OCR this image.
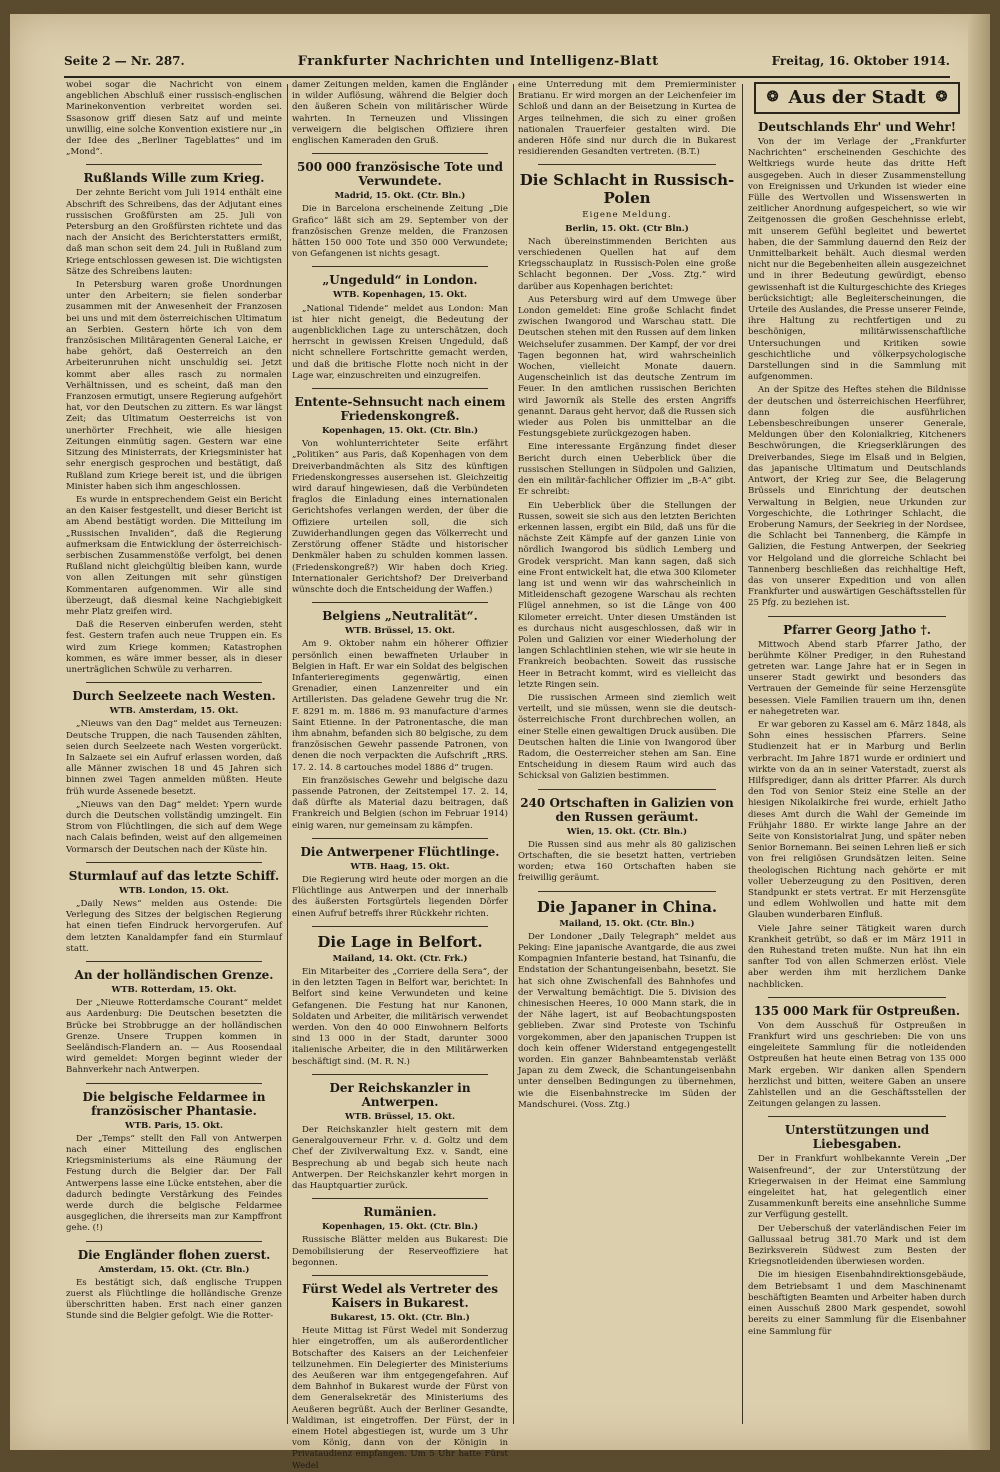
Seite 2 — Nr. 287.	Frankfurter Nachrichten und Intelligenz-Blatt	Freitag, 16. Oktober 1914.

wobei sogar die Nachricht von einem angeblichen Abschluß einer russisch-englischen Marinekonvention verbreitet worden sei. Ssasonow griff diesen Satz auf und meinte unwillig, eine solche Konvention existiere nur „in der Idee des „Berliner Tageblattes“ und im „Mond“.

Rußlands Wille zum Krieg.

Der zehnte Bericht vom Juli 1914 enthält eine Abschrift des Schreibens, das der Adjutant eines russischen Großfürsten am 25. Juli von Petersburg an den Großfürsten richtete und das nach der Ansicht des Berichterstatters ermißt, daß man schon seit dem 24. Juli in Rußland zum Kriege entschlossen gewesen ist. Die wichtigsten Sätze des Schreibens lauten:

In Petersburg waren große Unordnungen unter den Arbeitern; sie fielen sonderbar zusammen mit der Anwesenheit der Franzosen bei uns und mit dem österreichischen Ultimatum an Serbien. Gestern hörte ich von dem französischen Militäragenten General Laiche, er habe gehört, daß Oesterreich an den Arbeiterunruhen nicht unschuldig sei. Jetzt kommt aber alles rasch zu normalen Verhältnissen, und es scheint, daß man den Franzosen ermutigt, unsere Regierung aufgehört hat, vor den Deutschen zu zittern. Es war längst Zeit; das Ultimatum Oesterreichs ist von unerhörter Frechheit, wie alle hiesigen Zeitungen einmütig sagen. Gestern war eine Sitzung des Ministerrats, der Kriegsminister hat sehr energisch gesprochen und bestätigt, daß Rußland zum Kriege bereit ist, und die übrigen Minister haben sich ihm angeschlossen.

Es wurde in entsprechendem Geist ein Bericht an den Kaiser festgestellt, und dieser Bericht ist am Abend bestätigt worden. Die Mitteilung im „Russischen Invaliden“, daß die Regierung aufmerksam die Entwicklung der österreichisch-serbischen Zusammenstöße verfolgt, bei denen Rußland nicht gleichgültig bleiben kann, wurde von allen Zeitungen mit sehr günstigen Kommentaren aufgenommen. Wir alle sind überzeugt, daß diesmal keine Nachgiebigkeit mehr Platz greifen wird.

Daß die Reserven einberufen werden, steht fest. Gestern trafen auch neue Truppen ein. Es wird zum Kriege kommen; Katastrophen kommen, es wäre immer besser, als in dieser unerträglichen Schwüle zu verharren.

Durch Seelzeete nach Westen.
WTB. Amsterdam, 15. Okt.

„Nieuws van den Dag“ meldet aus Terneuzen: Deutsche Truppen, die nach Tausenden zählten, seien durch Seelzeete nach Westen vorgerückt. In Salzaete sei ein Aufruf erlassen worden, daß alle Männer zwischen 18 und 45 Jahren sich binnen zwei Tagen anmelden müßten. Heute früh wurde Assenede besetzt.

„Nieuws van den Dag“ meldet: Ypern wurde durch die Deutschen vollständig umzingelt. Ein Strom von Flüchtlingen, die sich auf dem Wege nach Calais befinden, weist auf den allgemeinen Vormarsch der Deutschen nach der Küste hin.

Sturmlauf auf das letzte Schiff.
WTB. London, 15. Okt.

„Daily News“ melden aus Ostende: Die Verlegung des Sitzes der belgischen Regierung hat einen tiefen Eindruck hervorgerufen. Auf dem letzten Kanaldampfer fand ein Sturmlauf statt.

An der holländischen Grenze.
WTB. Rotterdam, 15. Okt.

Der „Nieuwe Rotterdamsche Courant“ meldet aus Aardenburg: Die Deutschen besetzten die Brücke bei Strobbrugge an der holländischen Grenze. Unsere Truppen kommen in Seeländisch-Flandern an. — Aus Roosendaal wird gemeldet: Morgen beginnt wieder der Bahnverkehr nach Antwerpen.

Die belgische Feldarmee in französischer Phantasie.
WTB. Paris, 15. Okt.

Der „Temps“ stellt den Fall von Antwerpen nach einer Mitteilung des englischen Kriegsministeriums als eine Räumung der Festung durch die Belgier dar. Der Fall Antwerpens lasse eine Lücke entstehen, aber die dadurch bedingte Verstärkung des Feindes werde durch die belgische Feldarmee ausgeglichen, die ihrerseits man zur Kampffront gehe. (!)

Die Engländer flohen zuerst.
Amsterdam, 15. Okt. (Ctr. Bln.)

Es bestätigt sich, daß englische Truppen zuerst als Flüchtlinge die holländische Grenze überschritten haben. Erst nach einer ganzen Stunde sind die Belgier gefolgt. Wie die Rotter-

damer Zeitungen melden, kamen die Engländer in wilder Auflösung, während die Belgier doch den äußeren Schein von militärischer Würde wahrten. In Terneuzen und Vlissingen verweigern die belgischen Offiziere ihren englischen Kameraden den Gruß.

500 000 französische Tote und Verwundete.
Madrid, 15. Okt. (Ctr. Bln.)

Die in Barcelona erscheinende Zeitung „Die Grafico“ läßt sich am 29. September von der französischen Grenze melden, die Franzosen hätten 150 000 Tote und 350 000 Verwundete; von Gefangenen ist nichts gesagt.

„Ungeduld“ in London.
WTB. Kopenhagen, 15. Okt.

„National Tidende“ meldet aus London: Man ist hier nicht geneigt, die Bedeutung der augenblicklichen Lage zu unterschätzen, doch herrscht in gewissen Kreisen Ungeduld, daß nicht schnellere Fortschritte gemacht werden, und daß die britische Flotte noch nicht in der Lage war, einzuschreiten und einzugreifen.

Entente-Sehnsucht nach einem Friedenskongreß.
Kopenhagen, 15. Okt. (Ctr. Bln.)

Von wohlunterrichteter Seite erfährt „Politiken“ aus Paris, daß Kopenhagen von dem Dreiverbandmächten als Sitz des künftigen Friedenskongresses ausersehen ist. Gleichzeitig wird darauf hingewiesen, daß die Verbündeten fraglos die Einladung eines internationalen Gerichtshofes verlangen werden, der über die Offiziere urteilen soll, die sich Zuwiderhandlungen gegen das Völkerrecht und Zerstörung offener Städte und historischer Denkmäler haben zu schulden kommen lassen. (Friedenskongreß?) Wir haben doch Krieg. Internationaler Gerichtshof? Der Dreiverband wünschte doch die Entscheidung der Waffen.)

Belgiens „Neutralität“.
WTB. Brüssel, 15. Okt.

Am 9. Oktober nahm ein höherer Offizier persönlich einen bewaffneten Urlauber in Belgien in Haft. Er war ein Soldat des belgischen Infanterieregiments gegenwärtig, einen Grenadier, einen Lanzenreiter und ein Artilleristen. Das geladene Gewehr trug die Nr. F. 8291 m. m. 1886 m. 93 manufacture d'armes Saint Etienne. In der Patronentasche, die man ihm abnahm, befanden sich 80 belgische, zu dem französischen Gewehr passende Patronen, von denen die noch verpackten die Aufschrift „RRS. 17. 2. 14. 8 cartouches model 1886 d“ trugen.

Ein französisches Gewehr und belgische dazu passende Patronen, der Zeitstempel 17. 2. 14, daß dürfte als Material dazu beitragen, daß Frankreich und Belgien (schon im Februar 1914) einig waren, nur gemeinsam zu kämpfen.

Die Antwerpener Flüchtlinge.
WTB. Haag, 15. Okt.

Die Regierung wird heute oder morgen an die Flüchtlinge aus Antwerpen und der innerhalb des äußersten Fortsgürtels liegenden Dörfer einen Aufruf betreffs ihrer Rückkehr richten.

Die Lage in Belfort.
Mailand, 14. Okt. (Ctr. Frk.)

Ein Mitarbeiter des „Corriere della Sera“, der in den letzten Tagen in Belfort war, berichtet: In Belfort sind keine Verwundeten und keine Gefangenen. Die Festung hat nur Kanonen, Soldaten und Arbeiter, die militärisch verwendet werden. Von den 40 000 Einwohnern Belforts sind 13 000 in der Stadt, darunter 3000 italienische Arbeiter, die in den Militärwerken beschäftigt sind. (M. R. N.)

Der Reichskanzler in Antwerpen.
WTB. Brüssel, 15. Okt.

Der Reichskanzler hielt gestern mit dem Generalgouverneur Frhr. v. d. Goltz und dem Chef der Zivilverwaltung Exz. v. Sandt, eine Besprechung ab und begab sich heute nach Antwerpen. Der Reichskanzler kehrt morgen in das Hauptquartier zurück.

Rumänien.
Kopenhagen, 15. Okt. (Ctr. Bln.)

Russische Blätter melden aus Bukarest: Die Demobilisierung der Reserveoffiziere hat begonnen.

Fürst Wedel als Vertreter des Kaisers in Bukarest.
Bukarest, 15. Okt. (Ctr. Bln.)

Heute Mittag ist Fürst Wedel mit Sonderzug hier eingetroffen, um als außerordentlicher Botschafter des Kaisers an der Leichenfeier teilzunehmen. Ein Delegierter des Ministeriums des Aeußeren war ihm entgegengefahren. Auf dem Bahnhof in Bukarest wurde der Fürst von dem Generalsekretär des Ministeriums des Aeußeren begrüßt. Auch der Berliner Gesandte, Waldiman, ist eingetroffen. Der Fürst, der in einem Hotel abgestiegen ist, wurde um 3 Uhr vom König, dann von der Königin in Privataudienz empfangen. Um 5 Uhr hatte Fürst Wedel

eine Unterredung mit dem Premierminister Bratianu. Er wird morgen an der Leichenfeier im Schloß und dann an der Beisetzung in Kurtea de Arges teilnehmen, die sich zu einer großen nationalen Trauerfeier gestalten wird. Die anderen Höfe sind nur durch die in Bukarest residierenden Gesandten vertreten. (B.T.)

Die Schlacht in Russisch-Polen
Eigene Meldung.
Berlin, 15. Okt. (Ctr Bln.)

Nach übereinstimmenden Berichten aus verschiedenen Quellen hat auf dem Kriegsschauplatz in Russisch-Polen eine große Schlacht begonnen. Der „Voss. Ztg.“ wird darüber aus Kopenhagen berichtet:

Aus Petersburg wird auf dem Umwege über London gemeldet: Eine große Schlacht findet zwischen Iwangorod und Warschau statt. Die Deutschen stehen mit den Russen auf dem linken Weichselufer zusammen. Der Kampf, der vor drei Tagen begonnen hat, wird wahrscheinlich Wochen, vielleicht Monate dauern. Augenscheinlich ist das deutsche Zentrum im Feuer. In den amtlichen russischen Berichten wird Jaworník als Stelle des ersten Angriffs genannt. Daraus geht hervor, daß die Russen sich wieder aus Polen bis unmittelbar an die Festungsgebiete zurückgezogen haben.

Eine interessante Ergänzung findet dieser Bericht durch einen Ueberblick über die russischen Stellungen in Südpolen und Galizien, den ein militär-fachlicher Offizier im „B-A“ gibt. Er schreibt:

Ein Ueberblick über die Stellungen der Russen, soweit sie sich aus den letzten Berichten erkennen lassen, ergibt ein Bild, daß uns für die nächste Zeit Kämpfe auf der ganzen Linie von nördlich Iwangorod bis südlich Lemberg und Grodek verspricht. Man kann sagen, daß sich eine Front entwickelt hat, die etwa 300 Kilometer lang ist und wenn wir das wahrscheinlich in Mitleidenschaft gezogene Warschau als rechten Flügel annehmen, so ist die Länge von 400 Kilometer erreicht. Unter diesen Umständen ist es durchaus nicht ausgeschlossen, daß wir in Polen und Galizien vor einer Wiederholung der langen Schlachtlinien stehen, wie wir sie heute in Frankreich beobachten. Soweit das russische Heer in Betracht kommt, wird es vielleicht das letzte Ringen sein.

Die russischen Armeen sind ziemlich weit verteilt, und sie müssen, wenn sie die deutsch-österreichische Front durchbrechen wollen, an einer Stelle einen gewaltigen Druck ausüben. Die Deutschen halten die Linie von Iwangorod über Radom, die Oesterreicher stehen am San. Eine Entscheidung in diesem Raum wird auch das Schicksal von Galizien bestimmen.

240 Ortschaften in Galizien von den Russen geräumt.
Wien, 15. Okt. (Ctr. Bln.)

Die Russen sind aus mehr als 80 galizischen Ortschaften, die sie besetzt hatten, vertrieben worden; etwa 160 Ortschaften haben sie freiwillig geräumt.

Die Japaner in China.
Mailand, 15. Okt. (Ctr. Bln.)

Der Londoner „Daily Telegraph“ meldet aus Peking: Eine japanische Avantgarde, die aus zwei Kompagnien Infanterie bestand, hat Tsinanfu, die Endstation der Schantungeisenbahn, besetzt. Sie hat sich ohne Zwischenfall des Bahnhofes und der Verwaltung bemächtigt. Die 5. Division des chinesischen Heeres, 10 000 Mann stark, die in der Nähe lagert, ist auf Beobachtungsposten geblieben. Zwar sind Proteste von Tschinfu vorgekommen, aber den japanischen Truppen ist doch kein offener Widerstand entgegengestellt worden. Ein ganzer Bahnbeamtenstab verläßt Japan zu dem Zweck, die Schantungeisenbahn unter denselben Bedingungen zu übernehmen, wie die Eisenbahnstrecke im Süden der Mandschurei. (Voss. Ztg.)

❂ Aus der Stadt ❂
Deutschlands Ehr' und Wehr!

Von der im Verlage der „Frankfurter Nachrichten“ erscheinenden Geschichte des Weltkriegs wurde heute das dritte Heft ausgegeben. Auch in dieser Zusammenstellung von Ereignissen und Urkunden ist wieder eine Fülle des Wertvollen und Wissenswerten in zeitlicher Anordnung aufgespeichert, so wie wir Zeitgenossen die großen Geschehnisse erlebt, mit unserem Gefühl begleitet und bewertet haben, die der Sammlung dauernd den Reiz der Unmittelbarkeit behält. Auch diesmal werden nicht nur die Begebenheiten allein ausgezeichnet und in ihrer Bedeutung gewürdigt, ebenso gewissenhaft ist die Kulturgeschichte des Krieges berücksichtigt; alle Begleiterscheinungen, die Urteile des Auslandes, die Presse unserer Feinde, ihre Haltung zu rechtfertigen und zu beschönigen, militärwissenschaftliche Untersuchungen und Kritiken sowie geschichtliche und völkerpsychologische Darstellungen sind in die Sammlung mit aufgenommen.

An der Spitze des Heftes stehen die Bildnisse der deutschen und österreichischen Heerführer, dann folgen die ausführlichen Lebensbeschreibungen unserer Generale, Meldungen über den Kolonialkrieg, Kitcheners Beschwörungen, die Kriegserklärungen des Dreiverbandes, Siege im Elsaß und in Belgien, das japanische Ultimatum und Deutschlands Antwort, der Krieg zur See, die Belagerung Brüssels und Einrichtung der deutschen Verwaltung in Belgien, neue Urkunden zur Vorgeschichte, die Lothringer Schlacht, die Eroberung Namurs, der Seekrieg in der Nordsee, die Schlacht bei Tannenberg, die Kämpfe in Galizien, die Festung Antwerpen, der Seekrieg vor Helgoland und die glorreiche Schlacht bei Tannenberg beschließen das reichhaltige Heft, das von unserer Expedition und von allen Frankfurter und auswärtigen Geschäftsstellen für 25 Pfg. zu beziehen ist.

Pfarrer Georg Jatho †.

Mittwoch Abend starb Pfarrer Jatho, der berühmte Kölner Prediger, in den Ruhestand getreten war. Lange Jahre hat er in Segen in unserer Stadt gewirkt und besonders das Vertrauen der Gemeinde für seine Herzensgüte besessen. Viele Familien trauern um ihn, denen er nahegetreten war.

Er war geboren zu Kassel am 6. März 1848, als Sohn eines hessischen Pfarrers. Seine Studienzeit hat er in Marburg und Berlin verbracht. Im Jahre 1871 wurde er ordiniert und wirkte von da an in seiner Vaterstadt, zuerst als Hilfsprediger, dann als dritter Pfarrer. Als durch den Tod von Senior Steiz eine Stelle an der hiesigen Nikolaikirche frei wurde, erhielt Jatho dieses Amt durch die Wahl der Gemeinde im Frühjahr 1880. Er wirkte lange Jahre an der Seite von Konsistorialrat Jung, und später neben Senior Bornemann. Bei seinen Lehren ließ er sich von frei religiösen Grundsätzen leiten. Seine theologischen Richtung nach gehörte er mit voller Ueberzeugung zu den Positiven, deren Standpunkt er stets vertrat. Er mit Herzensgüte und edlem Wohlwollen und hatte mit dem Glauben wunderbaren Einfluß.

Viele Jahre seiner Tätigkeit waren durch Krankheit getrübt, so daß er im März 1911 in den Ruhestand treten mußte. Nun hat ihn ein sanfter Tod von allen Schmerzen erlöst. Viele aber werden ihm mit herzlichem Danke nachblicken.

135 000 Mark für Ostpreußen.

Von dem Ausschuß für Ostpreußen in Frankfurt wird uns geschrieben: Die von uns eingeleitete Sammlung für die notleidenden Ostpreußen hat heute einen Betrag von 135 000 Mark ergeben. Wir danken allen Spendern herzlichst und bitten, weitere Gaben an unsere Zahlstellen und an die Geschäftsstellen der Zeitungen gelangen zu lassen.

Unterstützungen und Liebesgaben.

Der in Frankfurt wohlbekannte Verein „Der Waisenfreund“, der zur Unterstützung der Kriegerwaisen in der Heimat eine Sammlung eingeleitet hat, hat gelegentlich einer Zusammenkunft bereits eine ansehnliche Summe zur Verfügung gestellt.

Der Ueberschuß der vaterländischen Feier im Gallussaal betrug 381.70 Mark und ist dem Bezirksverein Südwest zum Besten der Kriegsnotleidenden überwiesen worden.

Die im hiesigen Eisenbahndirektionsgebäude, dem Betriebsamt 1 und dem Maschinenamt beschäftigten Beamten und Arbeiter haben durch einen Ausschuß 2800 Mark gespendet, sowohl bereits zu einer Sammlung für die Eisenbahner eine Sammlung für
